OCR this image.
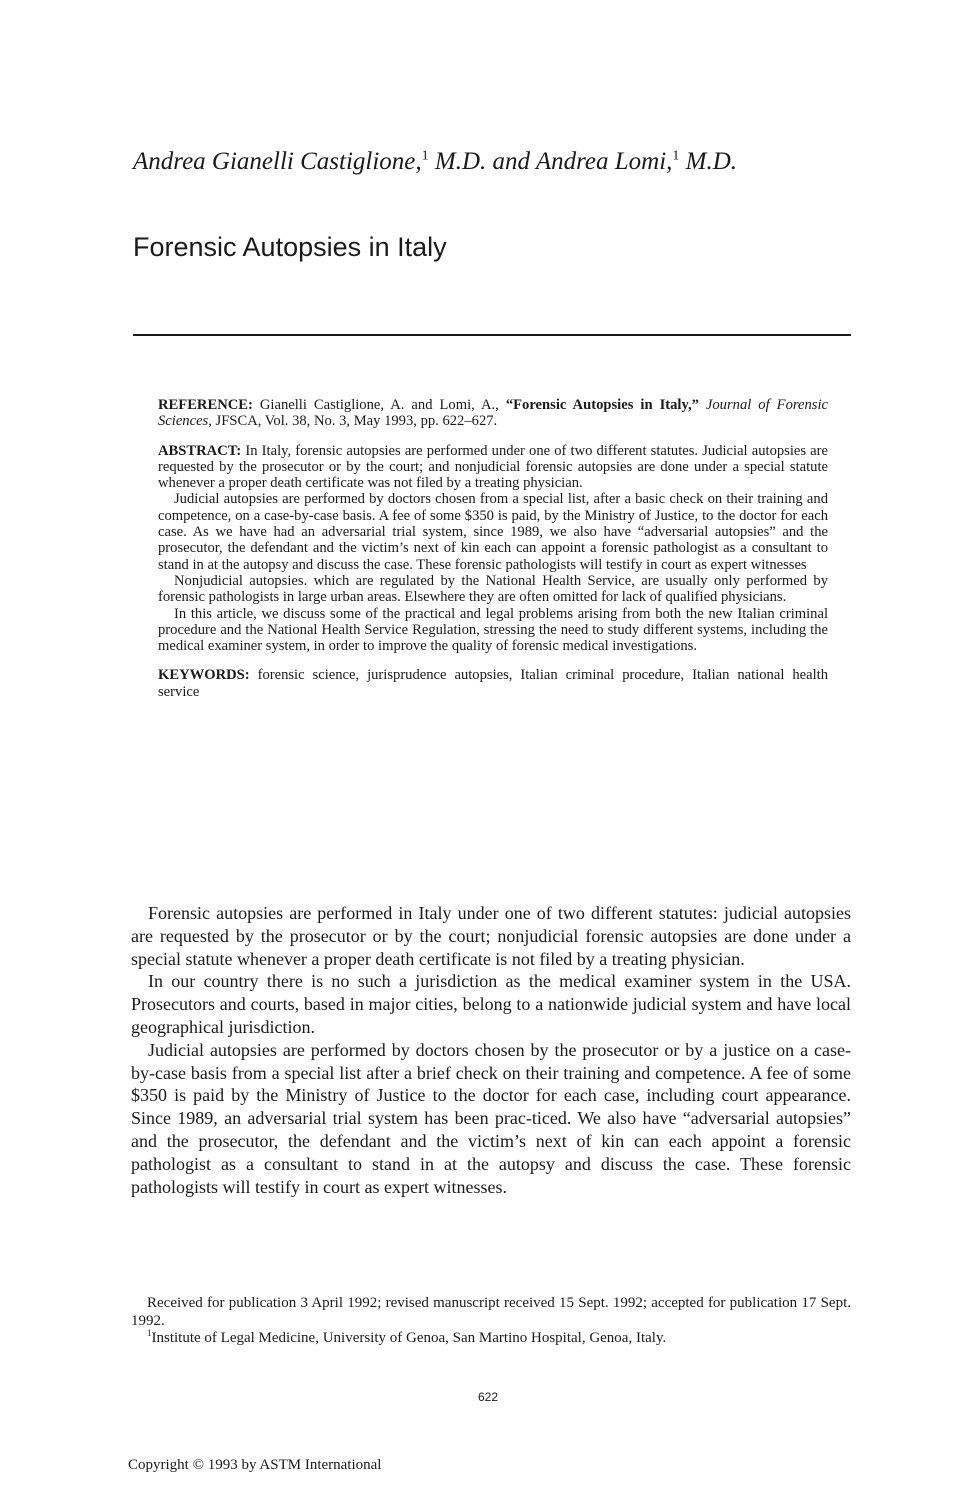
Andrea Gianelli Castiglione,$^1$ M.D. and Andrea Lomi,$^1$ M.D.
Forensic Autopsies in Italy

REFERENCE: Gianelli Castiglione, A. and Lomi, A., “Forensic Autopsies in Italy,” Journal of Forensic Sciences, JFSCA, Vol. 38, No. 3, May 1993, pp. 622–627.

ABSTRACT: In Italy, forensic autopsies are performed under one of two different statutes. Judicial autopsies are requested by the prosecutor or by the court; and nonjudicial forensic autopsies are done under a special statute whenever a proper death certificate was not filed by a treating physician.

Judicial autopsies are performed by doctors chosen from a special list, after a basic check on their training and competence, on a case-by-case basis. A fee of some $350 is paid, by the Ministry of Justice, to the doctor for each case. As we have had an adversarial trial system, since 1989, we also have “adversarial autopsies” and the prosecutor, the defendant and the victim’s next of kin each can appoint a forensic pathologist as a consultant to stand in at the autopsy and discuss the case. These forensic pathologists will testify in court as expert witnesses

Nonjudicial autopsies. which are regulated by the National Health Service, are usually only performed by forensic pathologists in large urban areas. Elsewhere they are often omitted for lack of qualified physicians.

In this article, we discuss some of the practical and legal problems arising from both the new Italian criminal procedure and the National Health Service Regulation, stressing the need to study different systems, including the medical examiner system, in order to improve the quality of forensic medical investigations.

KEYWORDS: forensic science, jurisprudence autopsies, Italian criminal procedure, Italian national health service

Forensic autopsies are performed in Italy under one of two different statutes: judicial autopsies are requested by the prosecutor or by the court; nonjudicial forensic autopsies are done under a special statute whenever a proper death certificate is not filed by a treating physician.

In our country there is no such a jurisdiction as the medical examiner system in the USA. Prosecutors and courts, based in major cities, belong to a nationwide judicial system and have local geographical jurisdiction.

Judicial autopsies are performed by doctors chosen by the prosecutor or by a justice on a case-by-case basis from a special list after a brief check on their training and competence. A fee of some $350 is paid by the Ministry of Justice to the doctor for each case, including court appearance. Since 1989, an adversarial trial system has been prac-ticed. We also have “adversarial autopsies” and the prosecutor, the defendant and the victim’s next of kin can each appoint a forensic pathologist as a consultant to stand in at the autopsy and discuss the case. These forensic pathologists will testify in court as expert witnesses.

Received for publication 3 April 1992; revised manuscript received 15 Sept. 1992; accepted for publication 17 Sept. 1992.

$^1$Institute of Legal Medicine, University of Genoa, San Martino Hospital, Genoa, Italy.

622
Copyright © 1993 by ASTM International
